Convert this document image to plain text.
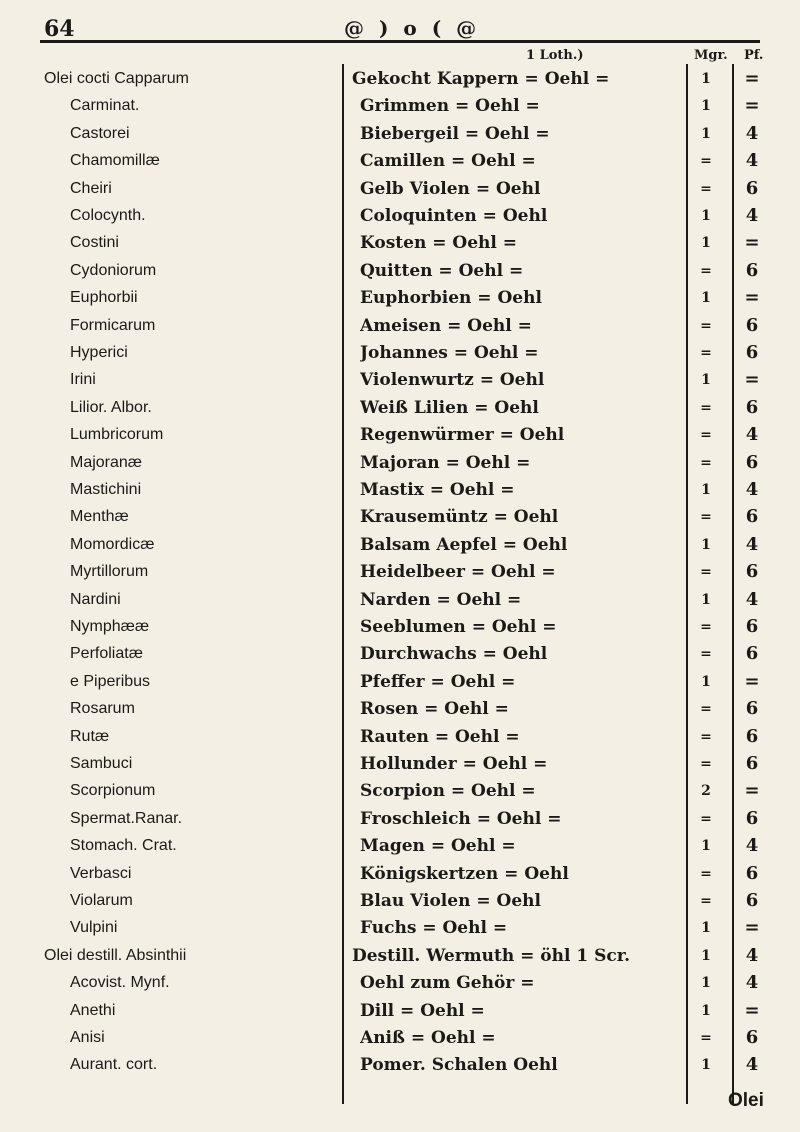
64	@ ) o ( @
1 Loth.)	Mgr. Pf.
Olei cocti Capparum	Gekocht Kappern = Oehl =	1	=
Carminat.	Grimmen = Oehl =	1	=
Castorei	Biebergeil = Oehl =	1	4
Chamomillæ	Camillen = Oehl =	=	4
Cheiri	Gelb Violen = Oehl	=	6
Colocynth.	Coloquinten = Oehl	1	4
Costini	Kosten = Oehl =	1	=
Cydoniorum	Quitten = Oehl =	=	6
Euphorbii	Euphorbien = Oehl	1	=
Formicarum	Ameisen = Oehl =	=	6
Hyperici	Johannes = Oehl =	=	6
Irini	Violenwurtz = Oehl	1	=
Lilior. Albor.	Weiß Lilien = Oehl	=	6
Lumbricorum	Regenwürmer = Oehl	=	4
Majoranæ	Majoran = Oehl =	=	6
Mastichini	Mastix = Oehl =	1	4
Menthæ	Krausemüntz = Oehl	=	6
Momordicæ	Balsam Aepfel = Oehl	1	4
Myrtillorum	Heidelbeer = Oehl =	=	6
Nardini	Narden = Oehl =	1	4
Nymphææ	Seeblumen = Oehl =	=	6
Perfoliatæ	Durchwachs = Oehl	=	6
e Piperibus	Pfeffer = Oehl =	1	=
Rosarum	Rosen = Oehl =	=	6
Rutæ	Rauten = Oehl =	=	6
Sambuci	Hollunder = Oehl =	=	6
Scorpionum	Scorpion = Oehl =	2	=
Spermat.Ranar.	Froschleich = Oehl =	=	6
Stomach. Crat.	Magen = Oehl =	1	4
Verbasci	Königskertzen = Oehl	=	6
Violarum	Blau Violen = Oehl	=	6
Vulpini	Fuchs = Oehl =	1	=
Olei destill. Absinthii	Destill. Wermuth = öhl 1 Scr.	1	4
Acovist. Mynf.	Oehl zum Gehör =	1	4
Anethi	Dill = Oehl =	1	=
Anisi	Aniß = Oehl =	=	6
Aurant. cort.	Pomer. Schalen Oehl	1	4
Olei
